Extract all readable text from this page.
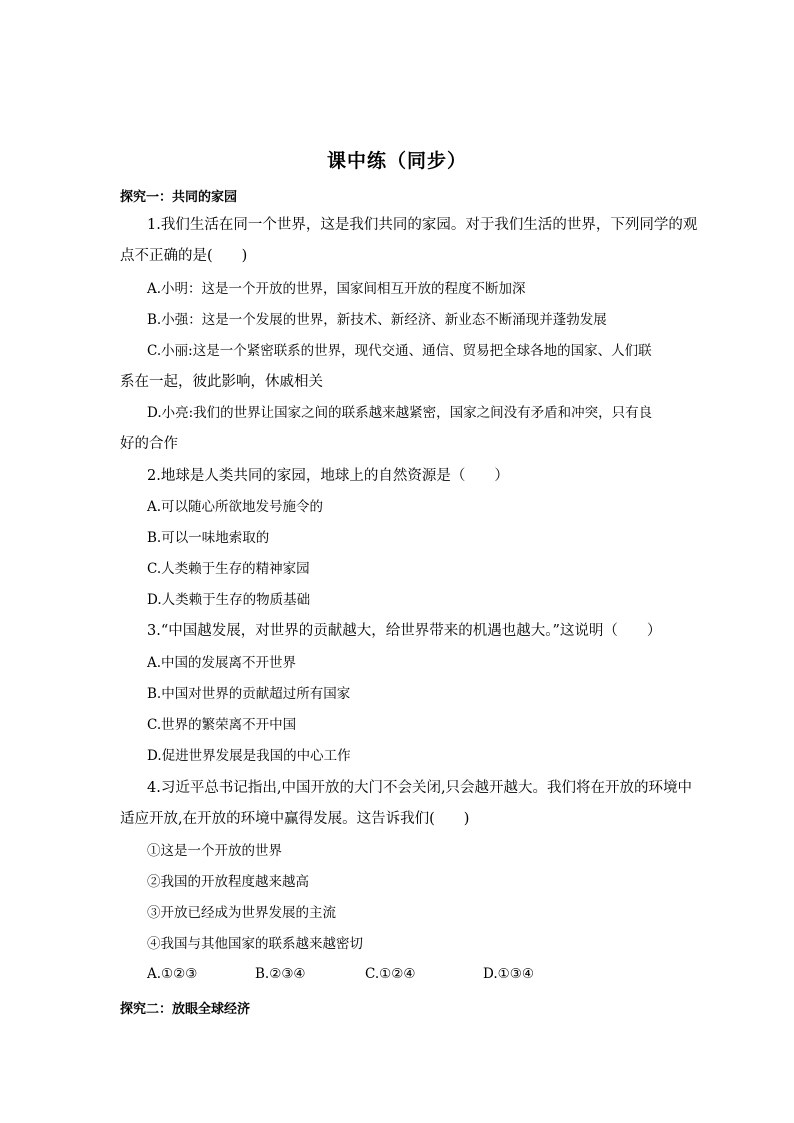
课中练（同步）
探究一：共同的家园
1.我们生活在同一个世界，这是我们共同的家园。对于我们生活的世界，下列同学的观
点不正确的是(　　)
A.小明：这是一个开放的世界，国家间相互开放的程度不断加深
B.小强：这是一个发展的世界，新技术、新经济、新业态不断涌现并蓬勃发展
C.小丽:这是一个紧密联系的世界，现代交通、通信、贸易把全球各地的国家、人们联
系在一起，彼此影响，休戚相关
D.小亮:我们的世界让国家之间的联系越来越紧密，国家之间没有矛盾和冲突，只有良
好的合作
2.地球是人类共同的家园，地球上的自然资源是（　　）
A.可以随心所欲地发号施令的
B.可以一味地索取的
C.人类赖于生存的精神家园
D.人类赖于生存的物质基础
3.“中国越发展，对世界的贡献越大，给世界带来的机遇也越大。”这说明（　　）
A.中国的发展离不开世界
B.中国对世界的贡献超过所有国家
C.世界的繁荣离不开中国
D.促进世界发展是我国的中心工作
4.习近平总书记指出,中国开放的大门不会关闭,只会越开越大。我们将在开放的环境中
适应开放,在开放的环境中赢得发展。这告诉我们(　　)
①这是一个开放的世界
②我国的开放程度越来越高
③开放已经成为世界发展的主流
④我国与其他国家的联系越来越密切
A.①②③	B.②③④	C.①②④	D.①③④
探究二：放眼全球经济
